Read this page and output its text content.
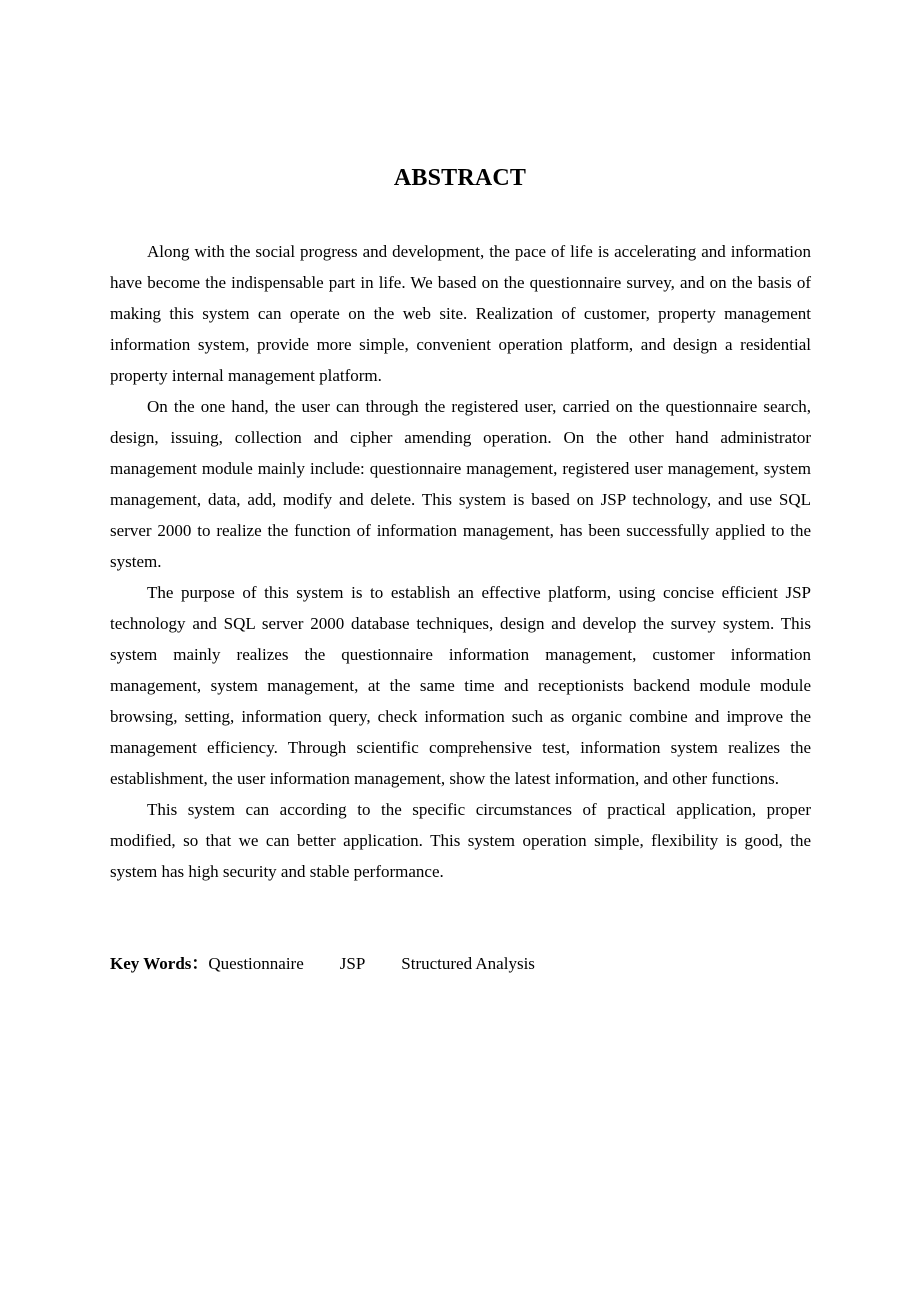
ABSTRACT

Along with the social progress and development, the pace of life is accelerating and information have become the indispensable part in life. We based on the questionnaire survey, and on the basis of making this system can operate on the web site. Realization of customer, property management information system, provide more simple, convenient operation platform, and design a residential property internal management platform.

On the one hand, the user can through the registered user, carried on the questionnaire search, design, issuing, collection and cipher amending operation. On the other hand administrator management module mainly include: questionnaire management, registered user management, system management, data, add, modify and delete. This system is based on JSP technology, and use SQL server 2000 to realize the function of information management, has been successfully applied to the system.

The purpose of this system is to establish an effective platform, using concise efficient JSP technology and SQL server 2000 database techniques, design and develop the survey system. This system mainly realizes the questionnaire information management, customer information management, system management, at the same time and receptionists backend module module browsing, setting, information query, check information such as organic combine and improve the management efficiency. Through scientific comprehensive test, information system realizes the establishment, the user information management, show the latest information, and other functions.

This system can according to the specific circumstances of practical application, proper modified, so that we can better application. This system operation simple, flexibility is good, the system has high security and stable performance.

Key Words：Questionnaire JSP Structured Analysis
